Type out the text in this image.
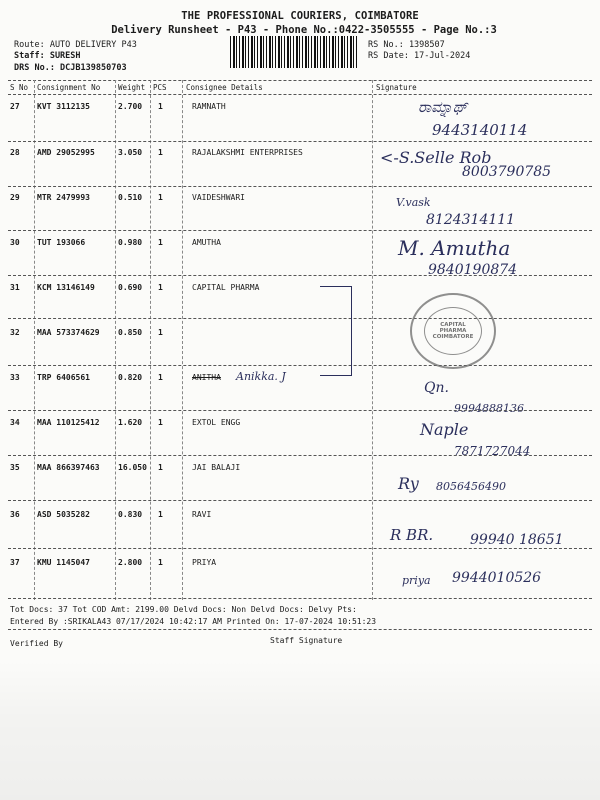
THE PROFESSIONAL COURIERS, COIMBATORE
Delivery Runsheet - P43 - Phone No.:0422-3505555 - Page No.:3
Route: AUTO DELIVERY P43
Staff: SURESH
DRS No.: DCJB139850703
RS No.: 1398507
RS Date: 17-Jul-2024
S No Consignment No Weight PCS	Consignee Details	Signature
27 KVT 3112135	2.700 1	RAMNATH	ರಾಮ್ನಾಥ್
9443140114
28 AMD 29052995	3.050 1	RAJALAKSHMI ENTERPRISES	<-S.Selle Rob
8003790785
29 MTR 2479993	0.510 1	VAIDESHWARI	V.vask
8124314111
30 TUT 193066	0.980 1	AMUTHA	M. Amutha
9840190874
31 KCM 13146149	0.690 1	CAPITAL PHARMA
32 MAA 573374629 0.850 1
CAPITAL PHARMA COIMBATORE
33 TRP 6406561	0.820 1	ANITHA Anikka. J
Qn.
9994888136
34 MAA 110125412 1.620 1	EXTOL ENGG	Naple
7871727044
35 MAA 866397463 16.050 1	JAI BALAJI
Ry 8056456490
36 ASD 5035282	0.830 1	RAVI
R BR.	99940 18651
37 KMU 1145047	2.800 1	PRIYA
priya 9944010526
Tot Docs: 37 Tot COD Amt: 2199.00 Delvd Docs: Non Delvd Docs: Delvy Pts:
Entered By :SRIKALA43 07/17/2024 10:42:17 AM Printed On: 17-07-2024 10:51:23
Verified By	Staff Signature
